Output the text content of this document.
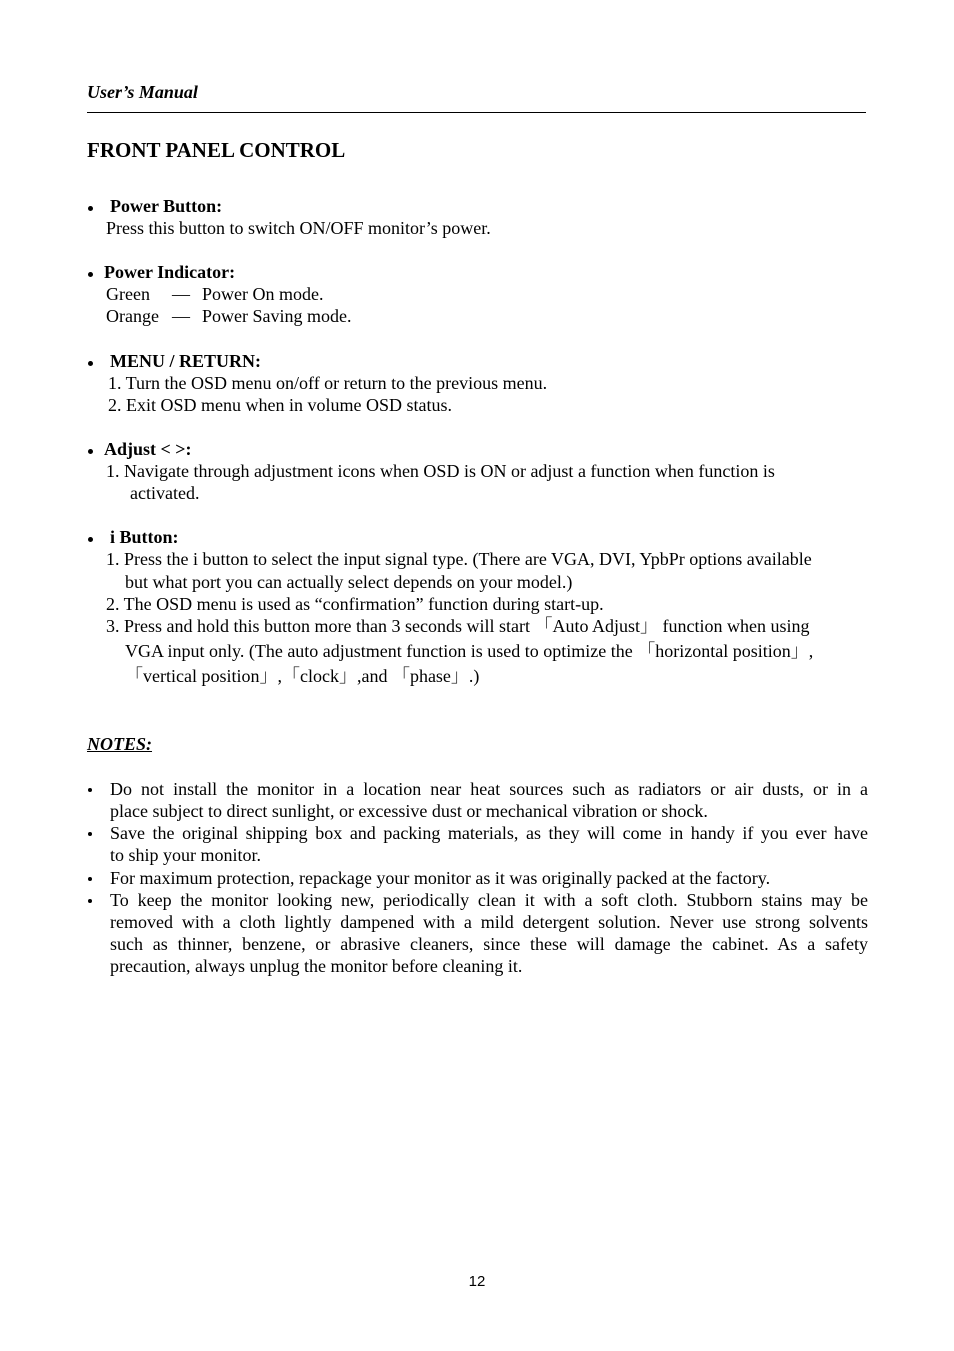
User’s Manual
FRONT PANEL CONTROL
Power Button:
Press this button to switch ON/OFF monitor’s power.
Power Indicator:
Green — Power On mode.
Orange — Power Saving mode.
MENU / RETURN:
1. Turn the OSD menu on/off or return to the previous menu.
2. Exit OSD menu when in volume OSD status.
Adjust < >:
1. Navigate through adjustment icons when OSD is ON or adjust a function when function is
activated.
i Button:
1. Press the i button to select the input signal type. (There are VGA, DVI, YpbPr options available
but what port you can actually select depends on your model.)
2. The OSD menu is used as “confirmation” function during start-up.
3. Press and hold this button more than 3 seconds will start 「Auto Adjust」 function when using
VGA input only. (The auto adjustment function is used to optimize the 「horizontal position」,
「vertical position」,「clock」,and 「phase」.)
NOTES:
Do not install the monitor in a location near heat sources such as radiators or air dusts, or in a
place subject to direct sunlight, or excessive dust or mechanical vibration or shock.
Save the original shipping box and packing materials, as they will come in handy if you ever have
to ship your monitor.
For maximum protection, repackage your monitor as it was originally packed at the factory.
To keep the monitor looking new, periodically clean it with a soft cloth. Stubborn stains may be
removed with a cloth lightly dampened with a mild detergent solution. Never use strong solvents
such as thinner, benzene, or abrasive cleaners, since these will damage the cabinet. As a safety
precaution, always unplug the monitor before cleaning it.
12
